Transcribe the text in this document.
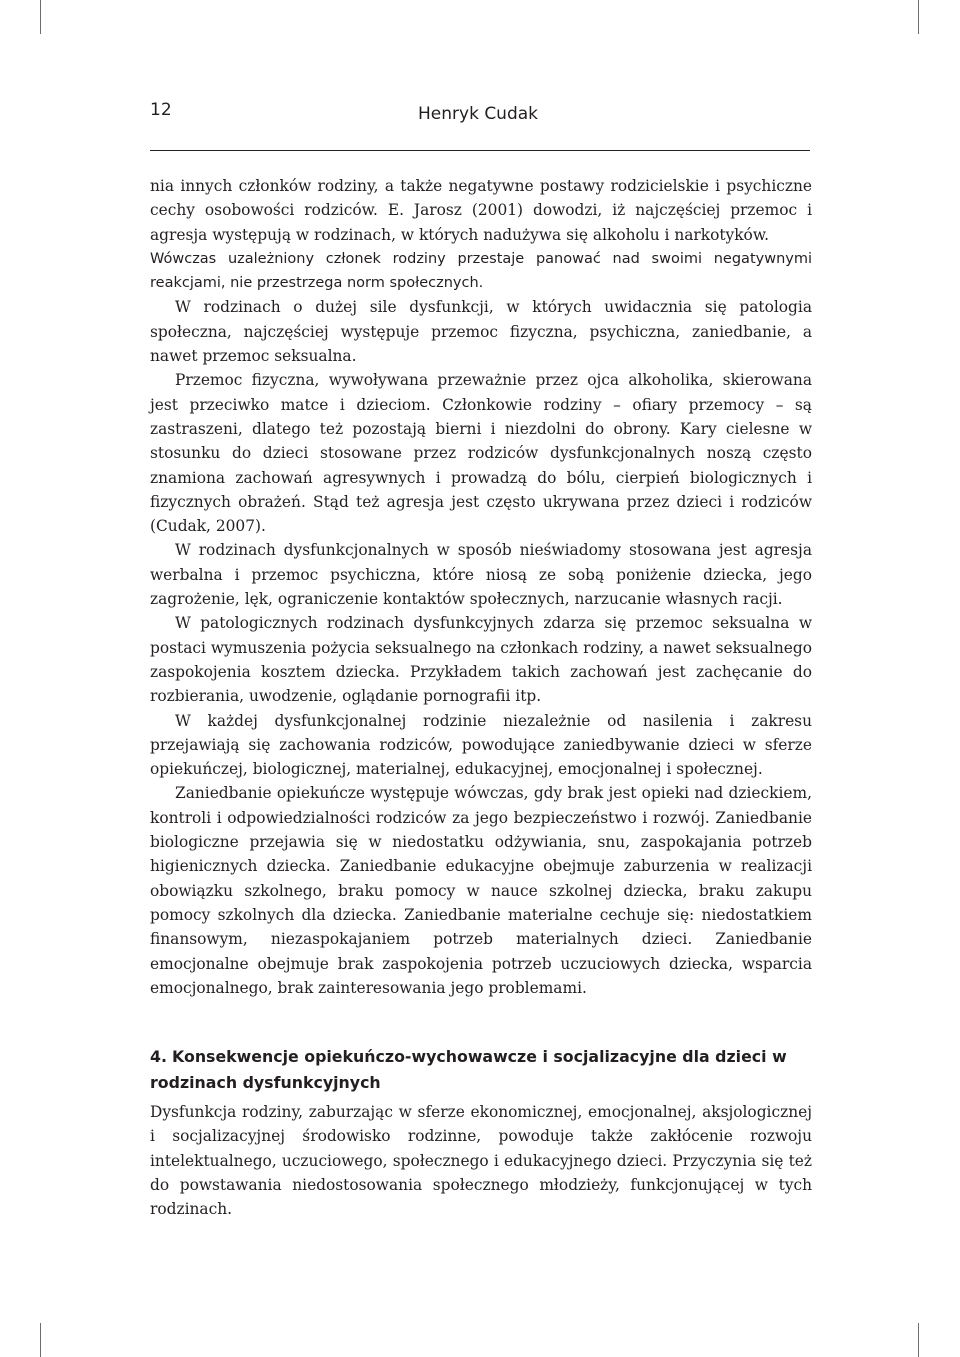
12	Henryk Cudak

nia innych członków rodziny, a także negatywne postawy rodzicielskie i psychiczne cechy osobowości rodziców. E. Jarosz (2001) dowodzi, iż najczęściej przemoc i agresja występują w rodzinach, w których nadużywa się alkoholu i narkotyków.

Wówczas uzależniony członek rodziny przestaje panować nad swoimi negatywnymi reakcjami, nie przestrzega norm społecznych.

W rodzinach o dużej sile dysfunkcji, w których uwidacznia się patologia społeczna, najczęściej występuje przemoc fizyczna, psychiczna, zaniedbanie, a nawet przemoc seksualna.

Przemoc fizyczna, wywoływana przeważnie przez ojca alkoholika, skierowana jest przeciwko matce i dzieciom. Członkowie rodziny – ofiary przemocy – są zastraszeni, dlatego też pozostają bierni i niezdolni do obrony. Kary cielesne w stosunku do dzieci stosowane przez rodziców dysfunkcjonalnych noszą często znamiona zachowań agresywnych i prowadzą do bólu, cierpień biologicznych i fizycznych obrażeń. Stąd też agresja jest często ukrywana przez dzieci i rodziców (Cudak, 2007).

W rodzinach dysfunkcjonalnych w sposób nieświadomy stosowana jest agresja werbalna i przemoc psychiczna, które niosą ze sobą poniżenie dziecka, jego zagrożenie, lęk, ograniczenie kontaktów społecznych, narzucanie własnych racji.

W patologicznych rodzinach dysfunkcyjnych zdarza się przemoc seksualna w postaci wymuszenia pożycia seksualnego na członkach rodziny, a nawet seksualnego zaspokojenia kosztem dziecka. Przykładem takich zachowań jest zachęcanie do rozbierania, uwodzenie, oglądanie pornografii itp.

W każdej dysfunkcjonalnej rodzinie niezależnie od nasilenia i zakresu przejawiają się zachowania rodziców, powodujące zaniedbywanie dzieci w sferze opiekuńczej, biologicznej, materialnej, edukacyjnej, emocjonalnej i społecznej.

Zaniedbanie opiekuńcze występuje wówczas, gdy brak jest opieki nad dzieckiem, kontroli i odpowiedzialności rodziców za jego bezpieczeństwo i rozwój. Zaniedbanie biologiczne przejawia się w niedostatku odżywiania, snu, zaspokajania potrzeb higienicznych dziecka. Zaniedbanie edukacyjne obejmuje zaburzenia w realizacji obowiązku szkolnego, braku pomocy w nauce szkolnej dziecka, braku zakupu pomocy szkolnych dla dziecka. Zaniedbanie materialne cechuje się: niedostatkiem finansowym, niezaspokajaniem potrzeb materialnych dzieci. Zaniedbanie emocjonalne obejmuje brak zaspokojenia potrzeb uczuciowych dziecka, wsparcia emocjonalnego, brak zainteresowania jego problemami.

4. Konsekwencje opiekuńczo-wychowawcze i socjalizacyjne dla dzieci w rodzinach dysfunkcyjnych

Dysfunkcja rodziny, zaburzając w sferze ekonomicznej, emocjonalnej, aksjologicznej i socjalizacyjnej środowisko rodzinne, powoduje także zakłócenie rozwoju intelektualnego, uczuciowego, społecznego i edukacyjnego dzieci. Przyczynia się też do powstawania niedostosowania społecznego młodzieży, funkcjonującej w tych rodzinach.
